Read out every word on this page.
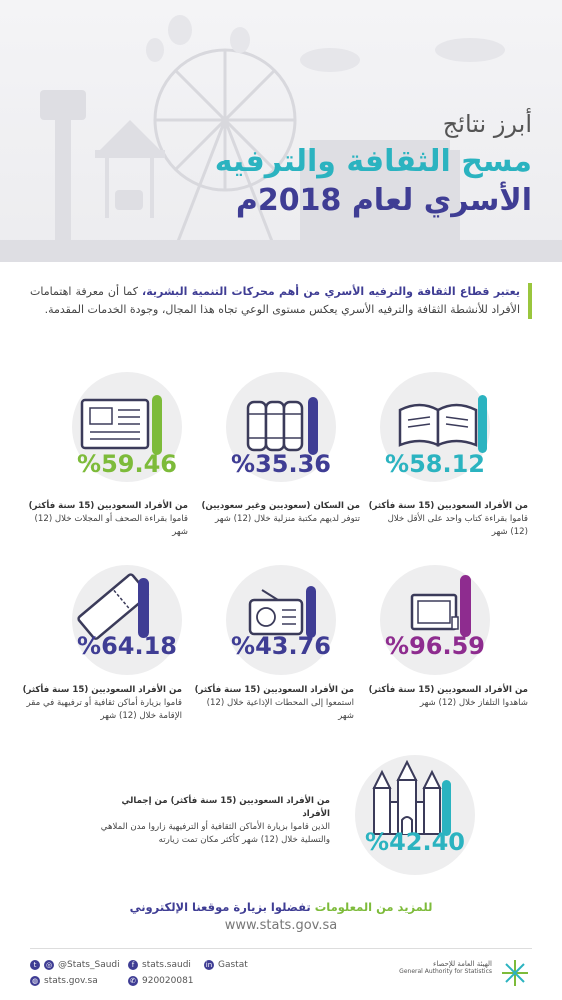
أبرز نتائج
مسح الثقافة والترفيه
الأسري لعام 2018م
يعتبر قطاع الثقافة والترفيه الأسري من أهم محركات التنمية البشرية، كما أن معرفة اهتمامات الأفراد للأنشطة الثقافة والترفيه الأسري يعكس مستوى الوعي تجاه هذا المجال، وجودة الخدمات المقدمة.
%58.12
من الأفراد السعوديين (15 سنة فأكثر)
قاموا بقراءة كتاب واحد على الأقل خلال (12) شهر
%35.36
من السكان (سعوديين وغير سعوديين)
تتوفر لديهم مكتبة منزلية خلال (12) شهر
%59.46
من الأفراد السعوديين (15 سنة فأكثر)
قاموا بقراءة الصحف أو المجلات خلال (12) شهر
%96.59
من الأفراد السعوديين (15 سنة فأكثر)
شاهدوا التلفاز خلال (12) شهر
%43.76
من الأفراد السعوديين (15 سنة فأكثر)
استمعوا إلى المحطات الإذاعية خلال (12) شهر
%64.18
من الأفراد السعوديين (15 سنة فأكثر)
قاموا بزيارة أماكن ثقافية أو ترفيهية في مقر الإقامة خلال (12) شهر
%42.40
من الأفراد السعوديين (15 سنة فأكثر) من إجمالي الأفراد
الذين قاموا بزيارة الأماكن الثقافية أو الترفيهية زاروا مدن الملاهي والتسلية خلال (12) شهر كأكثر مكان تمت زيارته
للمزيد من المعلومات تفضلوا بزيارة موقعنا الإلكتروني
www.stats.gov.sa
t	◎ @Stats_Saudi	f stats.saudi in Gastat
◍ stats.gov.sa	✆ 920020081
الهيئة العامة للإحصاء
General Authority for Statistics
